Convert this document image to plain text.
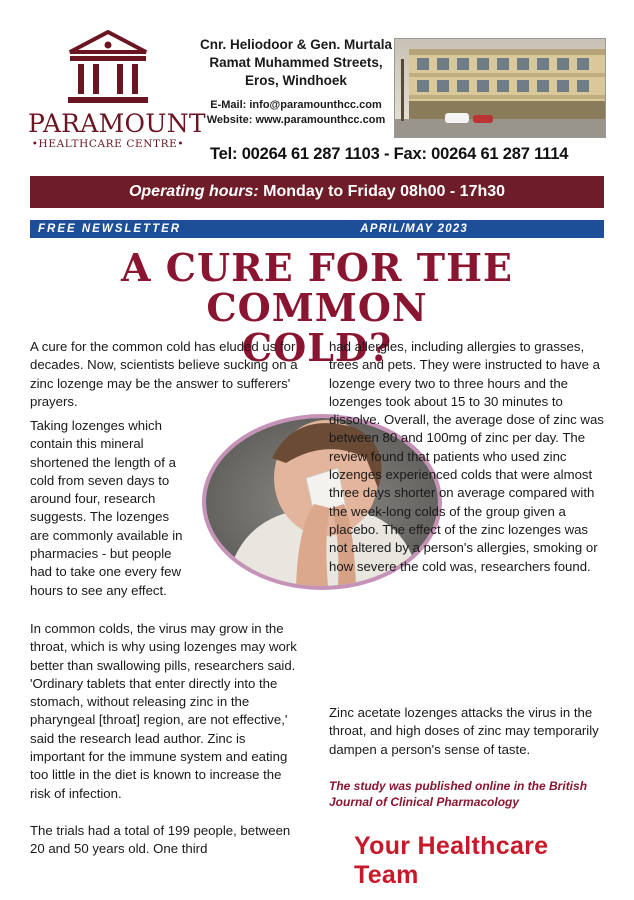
PARAMOUNT
•HEALTHCARE CENTRE•
Cnr. Heliodoor & Gen. Murtala
Ramat Muhammed Streets,
Eros, Windhoek
E-Mail: info@paramounthcc.com
Website: www.paramounthcc.com
Tel: 00264 61 287 1103 - Fax: 00264 61 287 1114
Operating hours: Monday to Friday 08h00 - 17h30
FREE NEWSLETTER	APRIL/MAY 2023
A CURE FOR THE COMMON
COLD?

A cure for the common cold has eluded us for decades. Now, scientists believe sucking on a zinc lozenge may be the answer to sufferers' prayers.

Taking lozenges which contain this mineral shortened the length of a cold from seven days to around four, research suggests. The lozenges are commonly available in pharmacies - but people had to take one every few hours to see any effect.

In common colds, the virus may grow in the throat, which is why using lozenges may work better than swallowing pills, researchers said. 'Ordinary tablets that enter directly into the stomach, without releasing zinc in the pharyngeal [throat] region, are not effective,' said the research lead author. Zinc is important for the immune system and eating too little in the diet is known to increase the risk of infection.

The trials had a total of 199 people, between 20 and 50 years old. One third

had allergies, including allergies to grasses, trees and pets. They were instructed to have a lozenge every two to three hours and the lozenges took about 15 to 30 minutes to dissolve. Overall, the average dose of zinc was between 80 and 100mg of zinc per day. The review found that patients who used zinc lozenges experienced colds that were almost three days shorter on average compared with the week-long colds of the group given a placebo. The effect of the zinc lozenges was not altered by a person's allergies, smoking or how severe the cold was, researchers found.

Zinc acetate lozenges attacks the virus in the throat, and high doses of zinc may temporarily dampen a person's sense of taste.

The study was published online in the British Journal of Clinical Pharmacology
Your Healthcare Team
